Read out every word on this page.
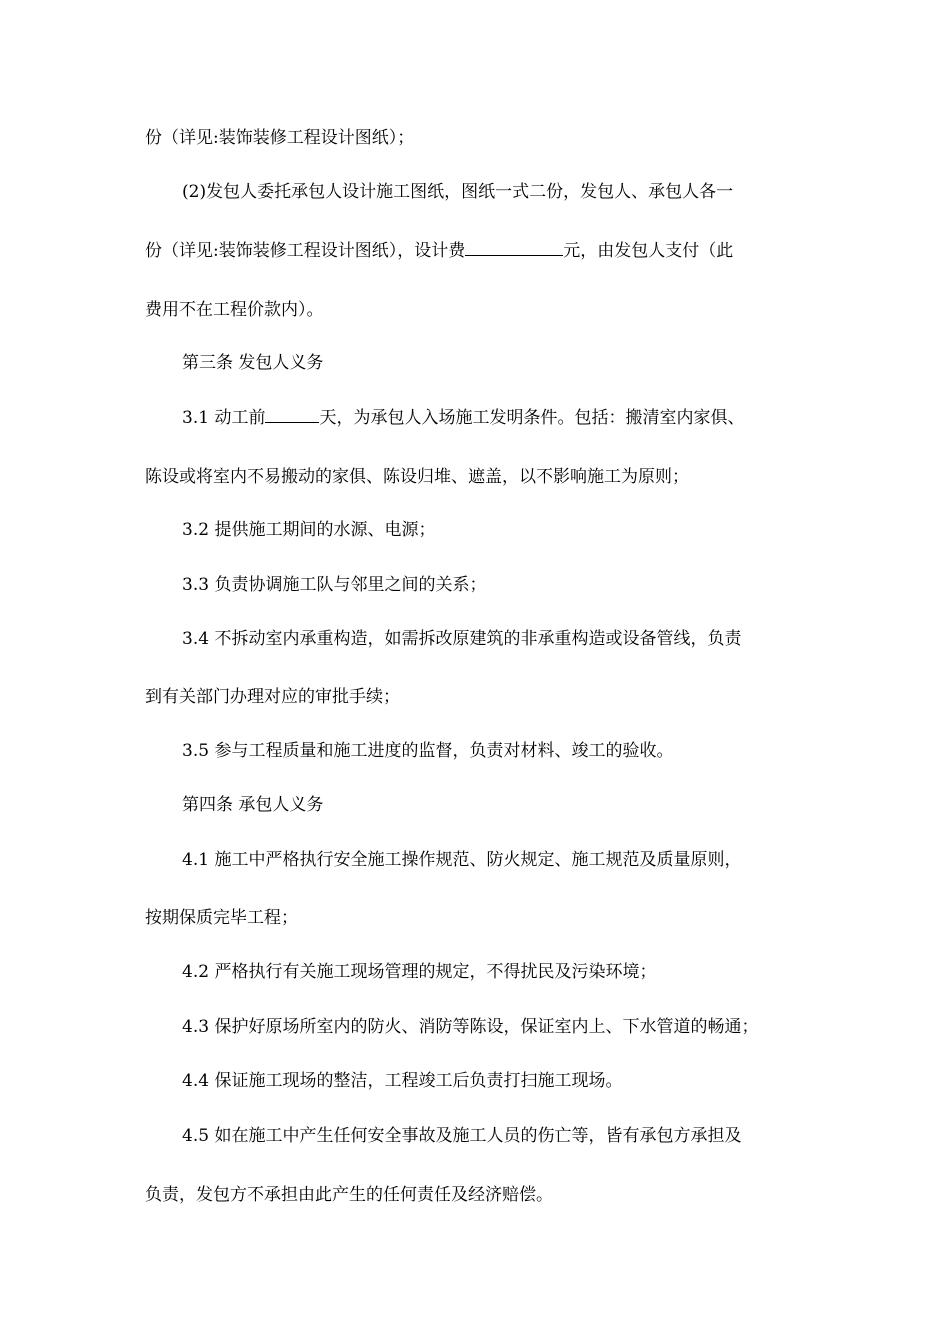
份（详见:装饰装修工程设计图纸）；
(2)发包人委托承包人设计施工图纸，图纸一式二份，发包人、承包人各一
份（详见:装饰装修工程设计图纸），设计费	元，由发包人支付（此
费用不在工程价款内）。
第三条 发包人义务
3.1 动工前	天，为承包人入场施工发明条件。包括：搬清室内家俱、
陈设或将室内不易搬动的家俱、陈设归堆、遮盖，以不影响施工为原则；
3.2 提供施工期间的水源、电源；
3.3 负责协调施工队与邻里之间的关系；
3.4 不拆动室内承重构造，如需拆改原建筑的非承重构造或设备管线，负责
到有关部门办理对应的审批手续；
3.5 参与工程质量和施工进度的监督，负责对材料、竣工的验收。
第四条 承包人义务
4.1 施工中严格执行安全施工操作规范、防火规定、施工规范及质量原则，
按期保质完毕工程；
4.2 严格执行有关施工现场管理的规定，不得扰民及污染环境；
4.3 保护好原场所室内的防火、消防等陈设，保证室内上、下水管道的畅通；
4.4 保证施工现场的整洁，工程竣工后负责打扫施工现场。
4.5 如在施工中产生任何安全事故及施工人员的伤亡等，皆有承包方承担及
负责，发包方不承担由此产生的任何责任及经济赔偿。
